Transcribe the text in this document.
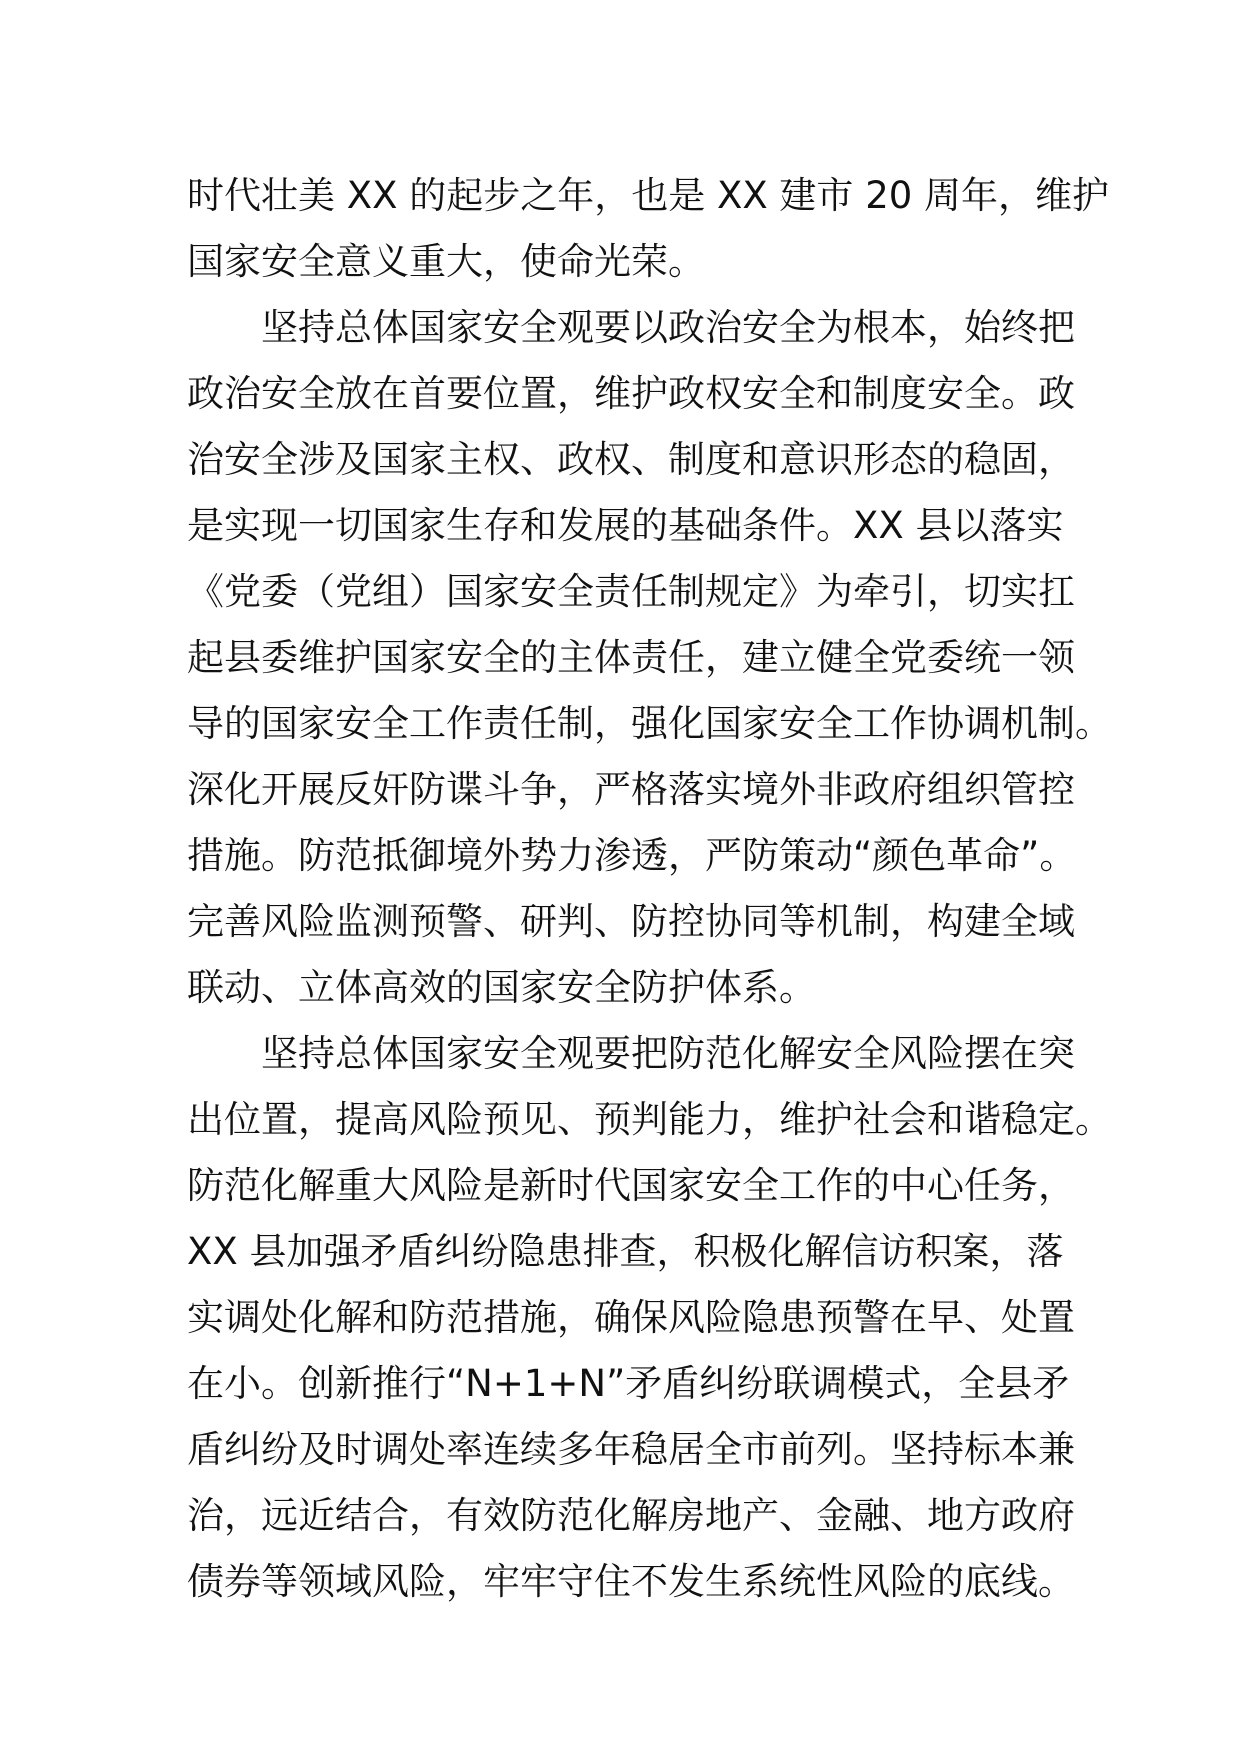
时代壮美 XX 的起步之年，也是 XX 建市 20 周年，维护
国家安全意义重大，使命光荣。
坚持总体国家安全观要以政治安全为根本，始终把
政治安全放在首要位置，维护政权安全和制度安全。政
治安全涉及国家主权、政权、制度和意识形态的稳固，
是实现一切国家生存和发展的基础条件。XX 县以落实
《党委（党组）国家安全责任制规定》为牵引，切实扛
起县委维护国家安全的主体责任，建立健全党委统一领
导的国家安全工作责任制，强化国家安全工作协调机制。
深化开展反奸防谍斗争，严格落实境外非政府组织管控
措施。防范抵御境外势力渗透，严防策动“颜色革命”。
完善风险监测预警、研判、防控协同等机制，构建全域
联动、立体高效的国家安全防护体系。
坚持总体国家安全观要把防范化解安全风险摆在突
出位置，提高风险预见、预判能力，维护社会和谐稳定。
防范化解重大风险是新时代国家安全工作的中心任务，
XX 县加强矛盾纠纷隐患排查，积极化解信访积案，落
实调处化解和防范措施，确保风险隐患预警在早、处置
在小。创新推行“N+1+N”矛盾纠纷联调模式，全县矛
盾纠纷及时调处率连续多年稳居全市前列。坚持标本兼
治，远近结合，有效防范化解房地产、金融、地方政府
债券等领域风险，牢牢守住不发生系统性风险的底线。
